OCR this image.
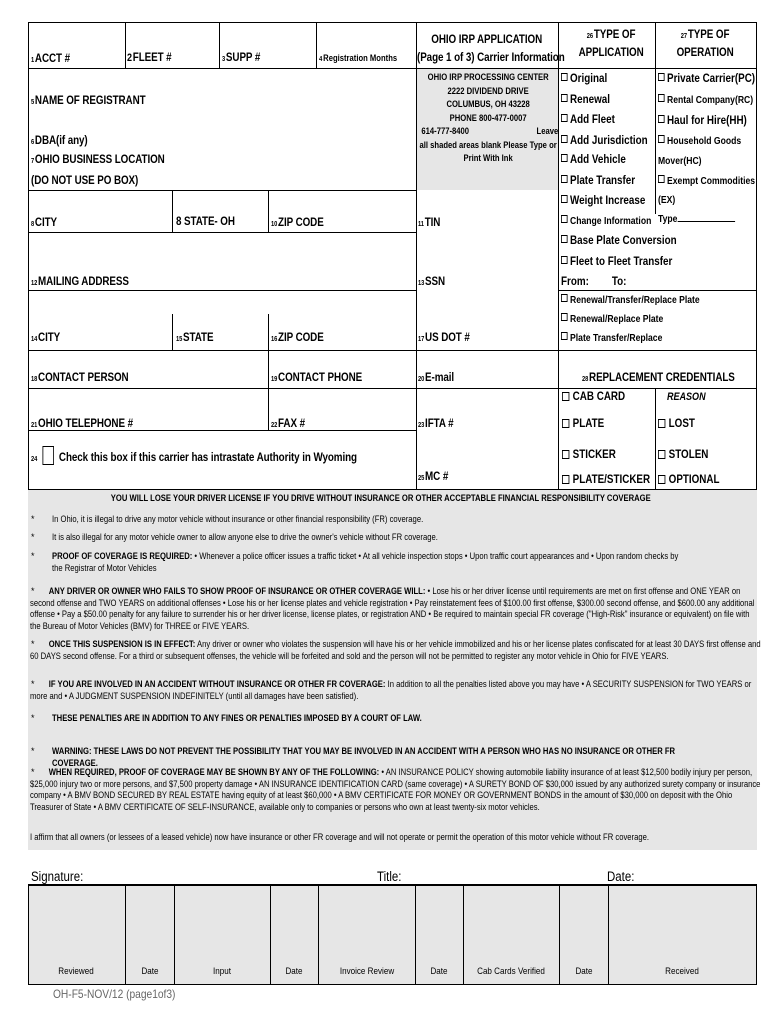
1ACCT #	2FLEET #	3SUPP #	4Registration Months
OHIO IRP APPLICATION
(Page 1 of 3) Carrier Information
26TYPE OF
APPLICATION
27TYPE OF
OPERATION
OHIO IRP PROCESSING CENTER
2222 DIVIDEND DRIVE
COLUMBUS, OH 43228
PHONE 800-477-0007
614-777-8400	Leave
all shaded areas blank Please Type or
Print With Ink
5NAME OF REGISTRANT
6DBA(if any)
7OHIO BUSINESS LOCATION
(DO NOT USE PO BOX)
8CITY	8 STATE- OH	10ZIP CODE	11TIN
12MAILING ADDRESS	13SSN
14CITY	15STATE	16ZIP CODE	17US DOT #
18CONTACT PERSON	19CONTACT PHONE	20E-mail
21OHIO TELEPHONE #	22FAX #	23IFTA #
24 Check this box if this carrier has intrastate Authority in Wyoming
25MC #
Original
Renewal
Add Fleet
Add Jurisdiction
Add Vehicle
Plate Transfer
Weight Increase
Change Information
Base Plate Conversion
Fleet to Fleet Transfer
From: To:
Renewal/Transfer/Replace Plate
Renewal/Replace Plate
Plate Transfer/Replace
Private Carrier(PC)
Rental Company(RC)
Haul for Hire(HH)
Household Goods
Mover(HC)
Exempt Commodities
(EX)
Type
28REPLACEMENT CREDENTIALS
CAB CARD	REASON
PLATE	LOST
STICKER	STOLEN
PLATE/STICKER	OPTIONAL
YOU WILL LOSE YOUR DRIVER LICENSE IF YOU DRIVE WITHOUT INSURANCE OR OTHER ACCEPTABLE FINANCIAL RESPONSIBILITY COVERAGE
* In Ohio, it is illegal to drive any motor vehicle without insurance or other financial responsibility (FR) coverage.
* It is also illegal for any motor vehicle owner to allow anyone else to drive the owner's vehicle without FR coverage.
* PROOF OF COVERAGE IS REQUIRED: • Whenever a police officer issues a traffic ticket • At all vehicle inspection stops • Upon traffic court appearances and • Upon random checks by the Registrar of Motor Vehicles
*	ANY DRIVER OR OWNER WHO FAILS TO SHOW PROOF OF INSURANCE OR OTHER COVERAGE WILL: • Lose his or her driver license until requirements are met on first offense and ONE YEAR on second offense and TWO YEARS on additional offenses • Lose his or her license plates and vehicle registration • Pay reinstatement fees of $100.00 first offense, $300.00 second offense, and $600.00 any additional offense • Pay a $50.00 penalty for any failure to surrender his or her driver license, license plates, or registration AND • Be required to maintain special FR coverage ("High-Risk" insurance or equivalent) on file with the Bureau of Motor Vehicles (BMV) for THREE or FIVE YEARS.
*	ONCE THIS SUSPENSION IS IN EFFECT: Any driver or owner who violates the suspension will have his or her vehicle immobilized and his or her license plates confiscated for at least 30 DAYS first offense and 60 DAYS second offense. For a third or subsequent offenses, the vehicle will be forfeited and sold and the person will not be permitted to register any motor vehicle in Ohio for FIVE YEARS.
*	IF YOU ARE INVOLVED IN AN ACCIDENT WITHOUT INSURANCE OR OTHER FR COVERAGE: In addition to all the penalties listed above you may have • A SECURITY SUSPENSION for TWO YEARS or more and • A JUDGMENT SUSPENSION INDEFINITELY (until all damages have been satisfied).
* THESE PENALTIES ARE IN ADDITION TO ANY FINES OR PENALTIES IMPOSED BY A COURT OF LAW.
* WARNING: THESE LAWS DO NOT PREVENT THE POSSIBILITY THAT YOU MAY BE INVOLVED IN AN ACCIDENT WITH A PERSON WHO HAS NO INSURANCE OR OTHER FR COVERAGE.
*	WHEN REQUIRED, PROOF OF COVERAGE MAY BE SHOWN BY ANY OF THE FOLLOWING: • AN INSURANCE POLICY showing automobile liability insurance of at least $12,500 bodily injury per person, $25,000 injury two or more persons, and $7,500 property damage • AN INSURANCE IDENTIFICATION CARD (same coverage) • A SURETY BOND OF $30,000 issued by any authorized surety company or insurance company • A BMV BOND SECURED BY REAL ESTATE having equity of at least $60,000 • A BMV CERTIFICATE FOR MONEY OR GOVERNMENT BONDS in the amount of $30,000 on deposit with the Ohio Treasurer of State • A BMV CERTIFICATE OF SELF-INSURANCE, available only to companies or persons who own at least twenty-six motor vehicles.
I affirm that all owners (or lessees of a leased vehicle) now have insurance or other FR coverage and will not operate or permit the operation of this motor vehicle without FR coverage.
Signature:	Title:	Date:
Reviewed	Date	Input	Date	Invoice Review	Date	Cab Cards Verified	Date	Received
OH-F5-NOV/12 (page1of3)
